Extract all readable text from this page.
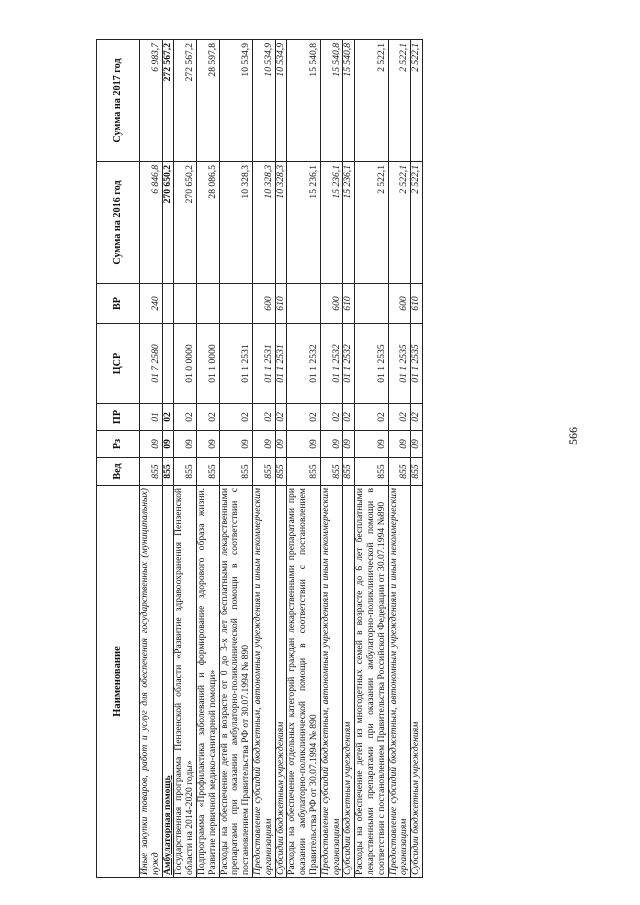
566
Наименование	Вед	Рз	ПР	ЦСР	ВР	Сумма на 2016 год	Сумма на 2017 год
Иные закупки товаров, работ и услуг для обеспечения государственных (муниципальных) нужд	855	09	01	01 7 2580	240	6 846,8	6 983,7
Амбулаторная помощь	855	09	02			270 650,2	272 567,2
Государственная программа Пензенской области «Развитие здравоохранения Пензенской области на 2014-2020 годы»	855	09	02	01 0 0000		270 650,2	272 567,2
Подпрограмма «Профилактика заболеваний и формирование здорового образа жизни. Развитие первичной медико-санитарной помощи»	855	09	02	01 1 0000		28 086,5	28 597,8
Расходы на обеспечение детей в возрасте от 0 до 3-х лет бесплатными лекарственными препаратами при оказании амбулаторно-поликлинической помощи в соответствии с постановлением Правительства РФ от 30.07.1994 № 890	855	09	02	01 1 2531		10 328,3	10 534,9
Предоставление субсидий бюджетным, автономным учреждениям и иным некоммерческим организациям	855	09	02	01 1 2531	600	10 328,3	10 534,9
Субсидии бюджетным учреждениям	855	09	02	01 1 2531	610	10 328,3	10 534,9
Расходы на обеспечение отдельных категорий граждан лекарственными препаратами при оказании амбулаторно-поликлинической помощи в соответствии с постановлением Правительства РФ от 30.07.1994 № 890	855	09	02	01 1 2532		15 236,1	15 540,8
Предоставление субсидий бюджетным, автономным учреждениям и иным некоммерческим организациям	855	09	02	01 1 2532	600	15 236,1	15 540,8
Субсидии бюджетным учреждениям	855	09	02	01 1 2532	610	15 236,1	15 540,8
Расходы на обеспечение детей из многодетных семей в возрасте до 6 лет бесплатными лекарственными препаратами при оказании амбулаторно-поликлинической помощи в соответствии с постановлением Правительства Российской Федерации от 30.07.1994 №890	855	09	02	01 1 2535		2 522,1	2 522,1
Предоставление субсидий бюджетным, автономным учреждениям и иным некоммерческим организациям	855	09	02	01 1 2535	600	2 522,1	2 522,1
Субсидии бюджетным учреждениям	855	09	02	01 1 2535	610	2 522,1	2 522,1
